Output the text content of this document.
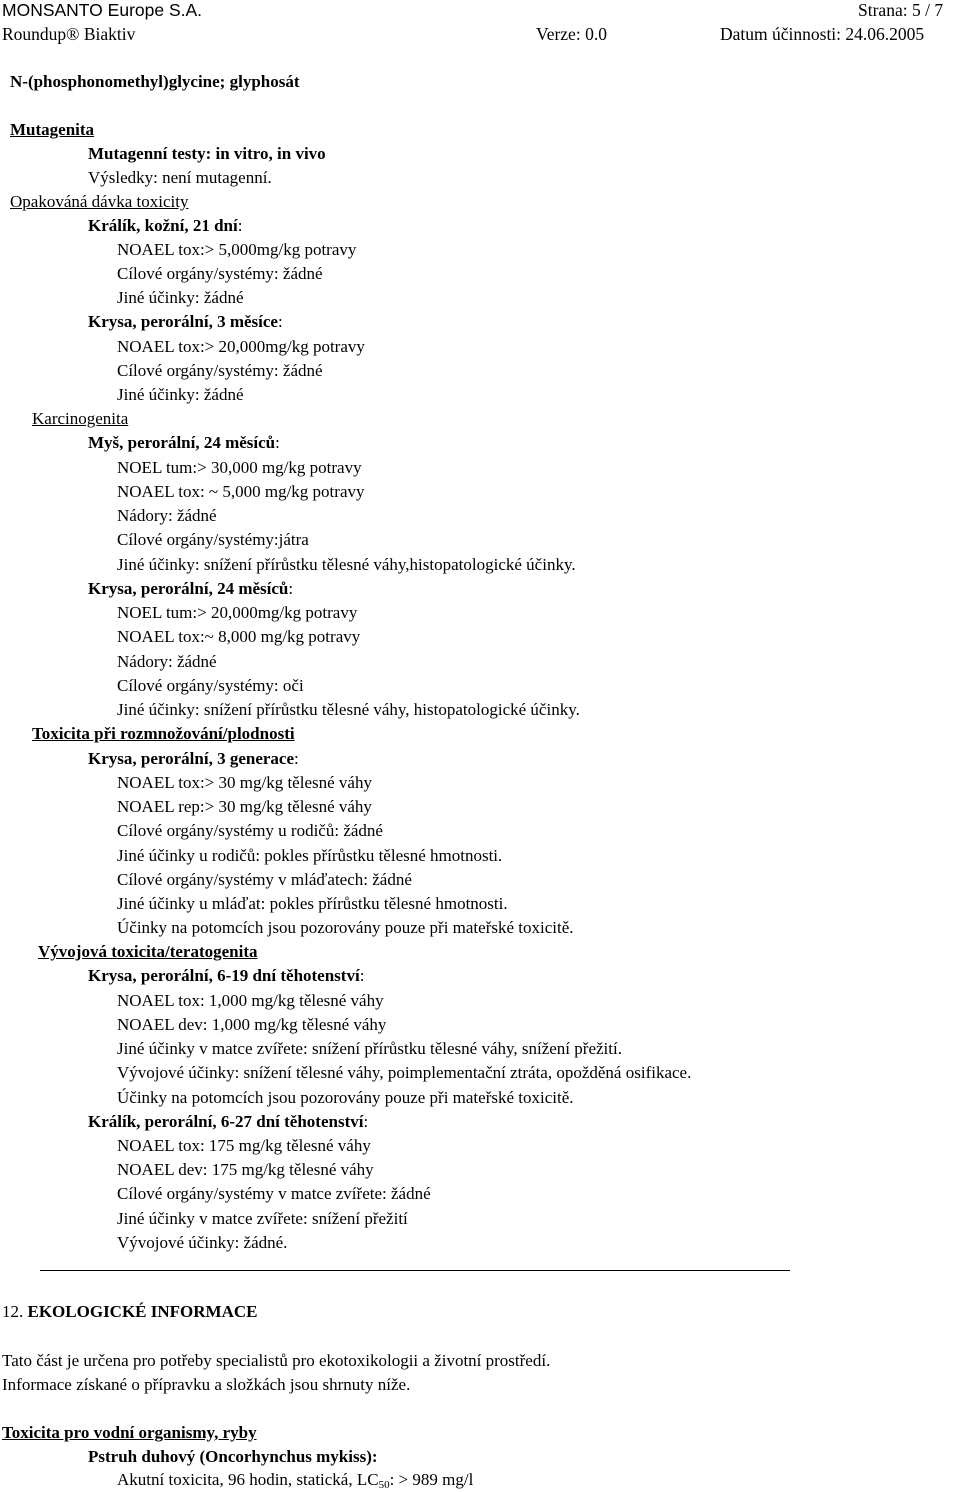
MONSANTO Europe S.A.	Strana: 5 / 7
Roundup® Biaktiv	Verze: 0.0	Datum účinnosti: 24.06.2005
N-(phosphonomethyl)glycine; glyphosát
Mutagenita
Mutagenní testy: in vitro, in vivo
Výsledky: není mutagenní.
Opakováná dávka toxicity
Králík, kožní, 21 dní:
NOAEL tox:> 5,000mg/kg potravy
Cílové orgány/systémy: žádné
Jiné účinky: žádné
Krysa, perorální, 3 měsíce:
NOAEL tox:> 20,000mg/kg potravy
Cílové orgány/systémy: žádné
Jiné účinky: žádné
Karcinogenita
Myš, perorální, 24 měsíců:
NOEL tum:> 30,000 mg/kg potravy
NOAEL tox: ~ 5,000 mg/kg potravy
Nádory: žádné
Cílové orgány/systémy:játra
Jiné účinky: snížení přírůstku tělesné váhy,histopatologické účinky.
Krysa, perorální, 24 měsíců:
NOEL tum:> 20,000mg/kg potravy
NOAEL tox:~ 8,000 mg/kg potravy
Nádory: žádné
Cílové orgány/systémy: oči
Jiné účinky: snížení přírůstku tělesné váhy, histopatologické účinky.
Toxicita při rozmnožování/plodnosti
Krysa, perorální, 3 generace:
NOAEL tox:> 30 mg/kg tělesné váhy
NOAEL rep:> 30 mg/kg tělesné váhy
Cílové orgány/systémy u rodičů: žádné
Jiné účinky u rodičů: pokles přírůstku tělesné hmotnosti.
Cílové orgány/systémy v mláďatech: žádné
Jiné účinky u mláďat: pokles přírůstku tělesné hmotnosti.
Účinky na potomcích jsou pozorovány pouze při mateřské toxicitě.
Vývojová toxicita/teratogenita
Krysa, perorální, 6-19 dní těhotenství:
NOAEL tox: 1,000 mg/kg tělesné váhy
NOAEL dev: 1,000 mg/kg tělesné váhy
Jiné účinky v matce zvířete: snížení přírůstku tělesné váhy, snížení přežití.
Vývojové účinky: snížení tělesné váhy, poimplementační ztráta, opožděná osifikace.
Účinky na potomcích jsou pozorovány pouze při mateřské toxicitě.
Králík, perorální, 6-27 dní těhotenství:
NOAEL tox: 175 mg/kg tělesné váhy
NOAEL dev: 175 mg/kg tělesné váhy
Cílové orgány/systémy v matce zvířete: žádné
Jiné účinky v matce zvířete: snížení přežití
Vývojové účinky: žádné.
12. EKOLOGICKÉ INFORMACE
Tato část je určena pro potřeby specialistů pro ekotoxikologii a životní prostředí.
Informace získané o přípravku a složkách jsou shrnuty níže.
Toxicita pro vodní organismy, ryby
Pstruh duhový (Oncorhynchus mykiss):
Akutní toxicita, 96 hodin, statická, $LC_{50}$: > 989 mg/l
